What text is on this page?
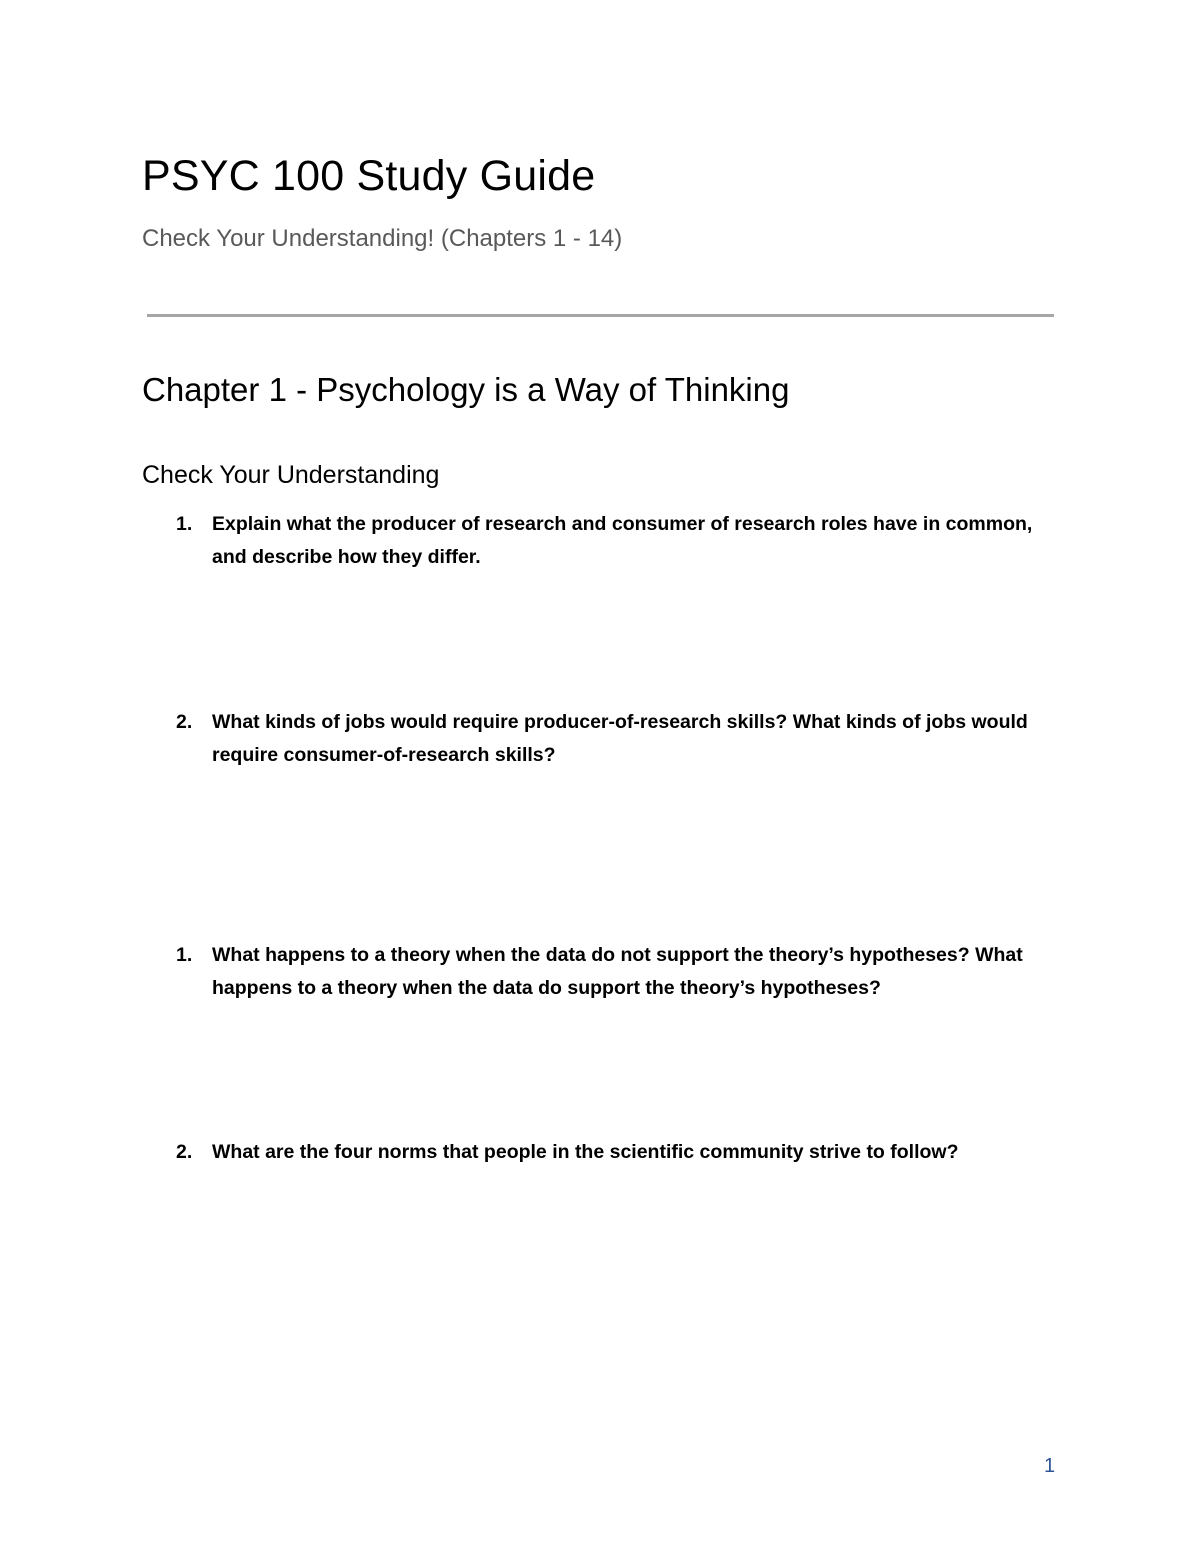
PSYC 100 Study Guide

Check Your Understanding! (Chapters 1 - 14)

Chapter 1 - Psychology is a Way of Thinking
Check Your Understanding
1.	Explain what the producer of research and consumer of research roles have in common, and describe how they differ.
2.	What kinds of jobs would require producer-of-research skills? What kinds of jobs would require consumer-of-research skills?
1.	What happens to a theory when the data do not support the theory’s hypotheses? What happens to a theory when the data do support the theory’s hypotheses?
2.	What are the four norms that people in the scientific community strive to follow?

1
